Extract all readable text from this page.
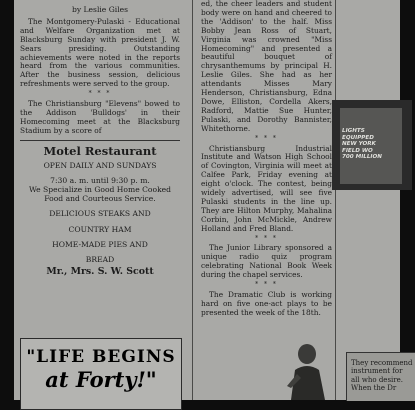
by Leslie Giles

The Montgomery-Pulaski - Educational and Welfare Organization met at Blacksburg Sunday with president J. W. Sears presiding. Outstanding achievements were noted in the reports heard from the various communities. After the business session, delicious refreshments were served to the group.

* * *

The Christiansburg "Elevens" bowed to the Addison 'Bulldogs' in their Homecoming meet at the Blacksburg Stadium by a score of

Motel Restaurant

OPEN DAILY AND SUNDAYS

7:30 a. m. until 9:30 p. m.

We Specialize in Good Home Cooked Food and Courteous Service.

DELICIOUS STEAKS AND

COUNTRY HAM

HOME-MADE PIES AND

BREAD

Mr., Mrs. S. W. Scott
"LIFE BEGINS
at Forty!"

ed, the cheer leaders and student body were on hand and cheered to the 'Addison' to the half. Miss Bobby Jean Ross of Stuart, Virginia was crowned "Miss Homecoming" and presented a beautiful bouquet of chrysanthemums by principal H. Leslie Giles. She had as her attendants Misses Mary Henderson, Christiansburg, Edna Dowe, Elliston, Cordella Akers, Radford, Mattie Sue Hunter, Pulaski, and Dorothy Bannister, Whitethorne.

* * *

Christiansburg Industrial Institute and Watson High School of Covington, Virginia will meet at Calfee Park, Friday evening at eight o'clock. The contest, being widely advertised, will see five Pulaski students in the line up. They are Hilton Murphy, Mahalina Corbin, John McMickle, Andrew Holland and Fred Bland.

* * *

The Junior Library sponsored a unique radio quiz program celebrating National Book Week during the chapel services.

* * *

The Dramatic Club is working hard on five one-act plays to be presented the week of the 18th.

LIGHTS
EQUIPPED
NEW YORK
FIELD WO
700 MILLION
They recommend instrument for all who desire. When the Dr
